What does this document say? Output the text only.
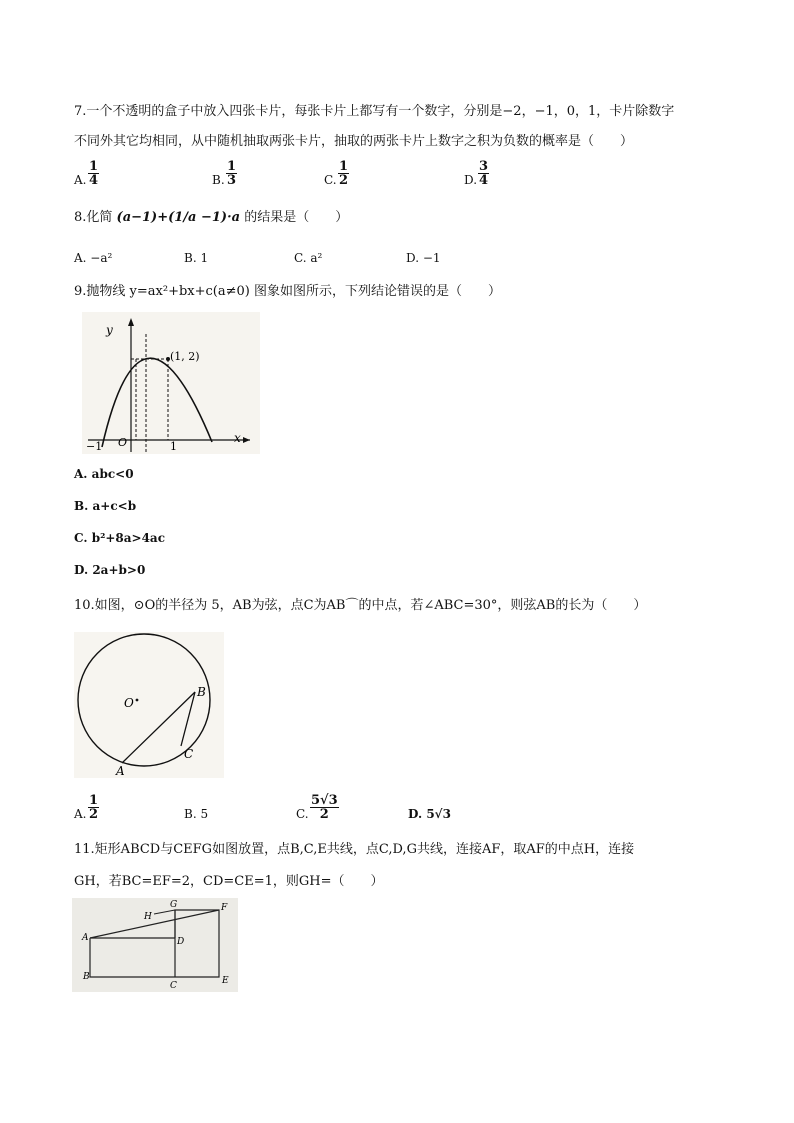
7.一个不透明的盒子中放入四张卡片，每张卡片上都写有一个数字，分别是−2，−1，0，1，卡片除数字
不同外其它均相同，从中随机抽取两张卡片，抽取的两张卡片上数字之积为负数的概率是（　　）
A. $\frac{1}{4}$	B. $\frac{1}{3}$	C. $\frac{1}{2}$	D. $\frac{3}{4}$
8.化简 (a−1)+(1/a −1)·a 的结果是（　　）
A. −a²	B. 1	C. a²	D. −1
9.抛物线 y=ax²+bx+c(a≠0) 图象如图所示，下列结论错误的是（　　）
(1, 2)
y
x
O
−1	1
A. abc<0
B. a+c<b
C. b²+8a>4ac
D. 2a+b>0
10.如图，⊙O的半径为 5，AB为弦，点C为AB⌒的中点，若∠ABC=30°，则弦AB的长为（　　）
O
B
C
A
A. $\frac{1}{2}$	B. 5	C. $\frac{5√3}{2}$	D. 5√3
11.矩形ABCD与CEFG如图放置，点B,C,E共线，点C,D,G共线，连接AF，取AF的中点H，连接
GH，若BC=EF=2，CD=CE=1，则GH=（　　）
A
B
C
D
E
F
G
H
